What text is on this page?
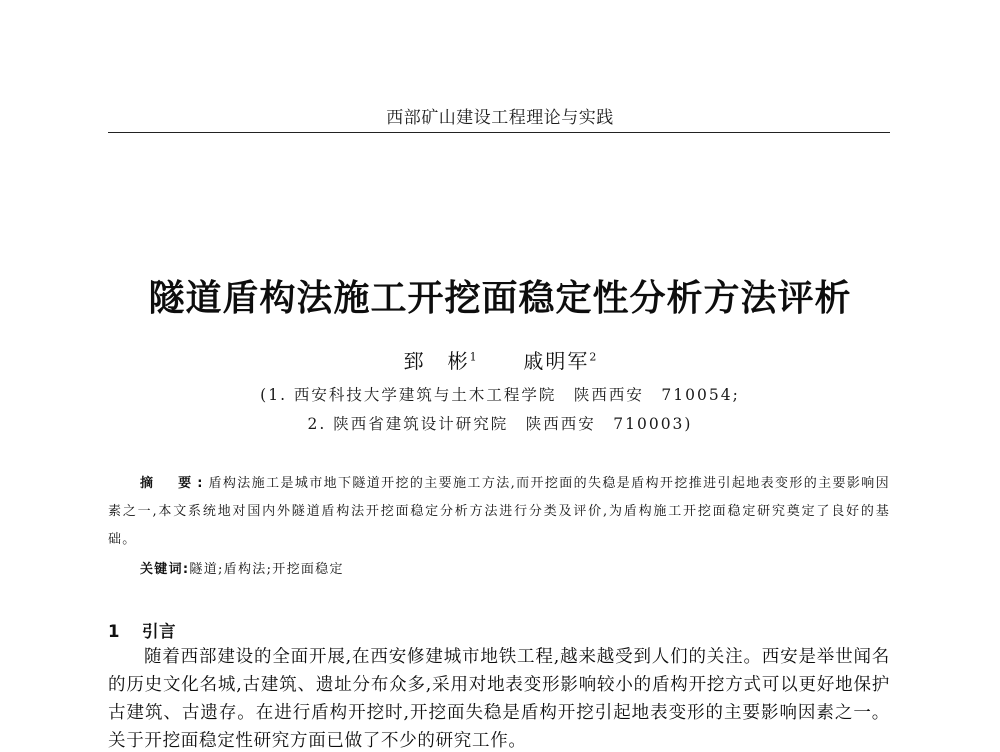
西部矿山建设工程理论与实践
隧道盾构法施工开挖面稳定性分析方法评析
郅　彬$^1$ 戚明军$^2$
(1. 西安科技大学建筑与土木工程学院　陕西西安　710054;
2. 陕西省建筑设计研究院　陕西西安　710003)
摘　要:盾构法施工是城市地下隧道开挖的主要施工方法,而开挖面的失稳是盾构开挖推进引起地表变形的主要影响因素之一,本文系统地对国内外隧道盾构法开挖面稳定分析方法进行分类及评价,为盾构施工开挖面稳定研究奠定了良好的基础。
关键词:隧道;盾构法;开挖面稳定
1 引言

随着西部建设的全面开展,在西安修建城市地铁工程,越来越受到人们的关注。西安是举世闻名的历史文化名城,古建筑、遗址分布众多,采用对地表变形影响较小的盾构开挖方式可以更好地保护古建筑、古遗存。在进行盾构开挖时,开挖面失稳是盾构开挖引起地表变形的主要影响因素之一。关于开挖面稳定性研究方面已做了不少的研究工作。
